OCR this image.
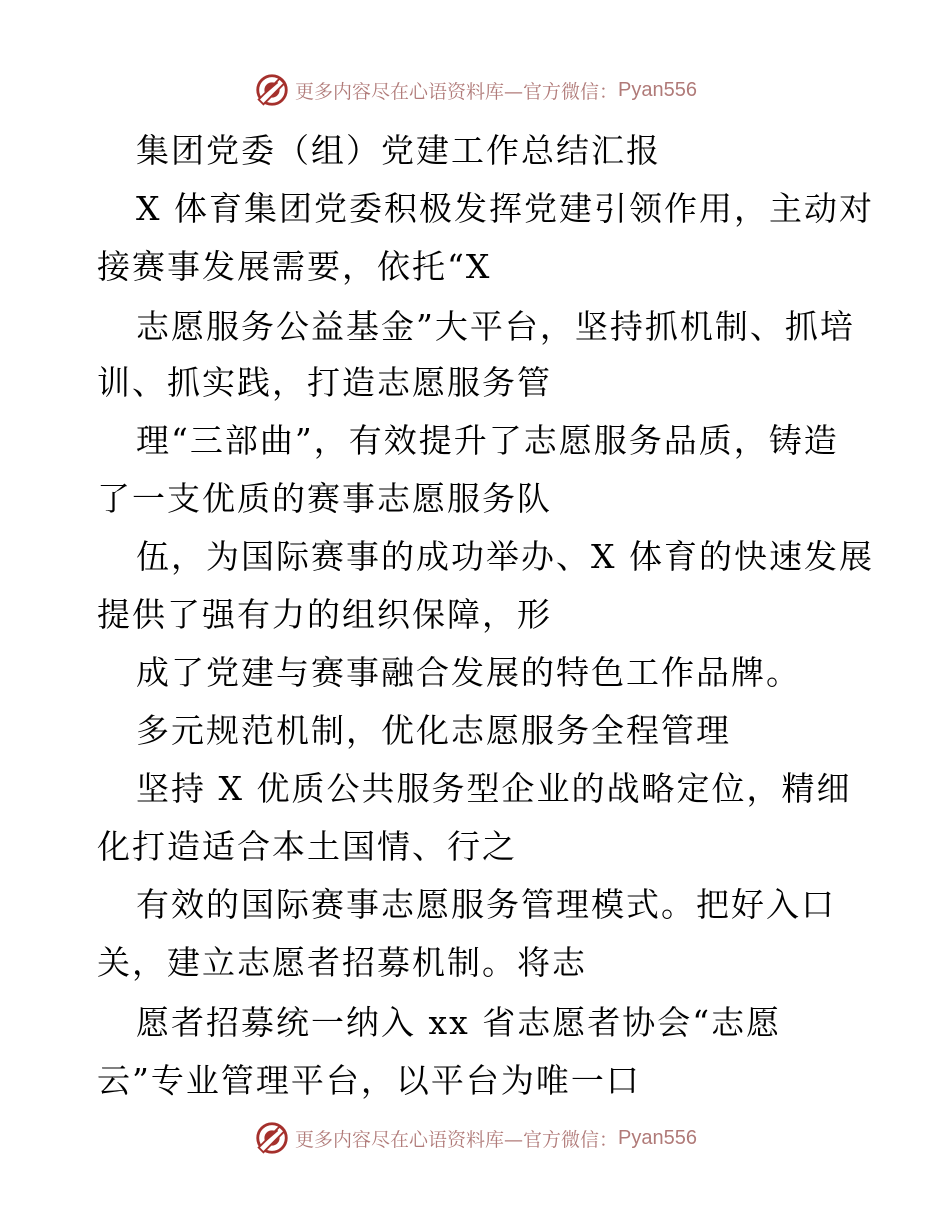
更多内容尽在心语资料库—官方微信： Pyan556
集团党委（组）党建工作总结汇报
X 体育集团党委积极发挥党建引领作用，主动对
接赛事发展需要，依托“X
志愿服务公益基金”大平台，坚持抓机制、抓培
训、抓实践，打造志愿服务管
理“三部曲”，有效提升了志愿服务品质，铸造
了一支优质的赛事志愿服务队
伍，为国际赛事的成功举办、X 体育的快速发展
提供了强有力的组织保障，形
成了党建与赛事融合发展的特色工作品牌。
多元规范机制，优化志愿服务全程管理
坚持 X 优质公共服务型企业的战略定位，精细
化打造适合本土国情、行之
有效的国际赛事志愿服务管理模式。把好入口
关，建立志愿者招募机制。将志
愿者招募统一纳入 xx 省志愿者协会“志愿
云”专业管理平台，以平台为唯一口
更多内容尽在心语资料库—官方微信： Pyan556
